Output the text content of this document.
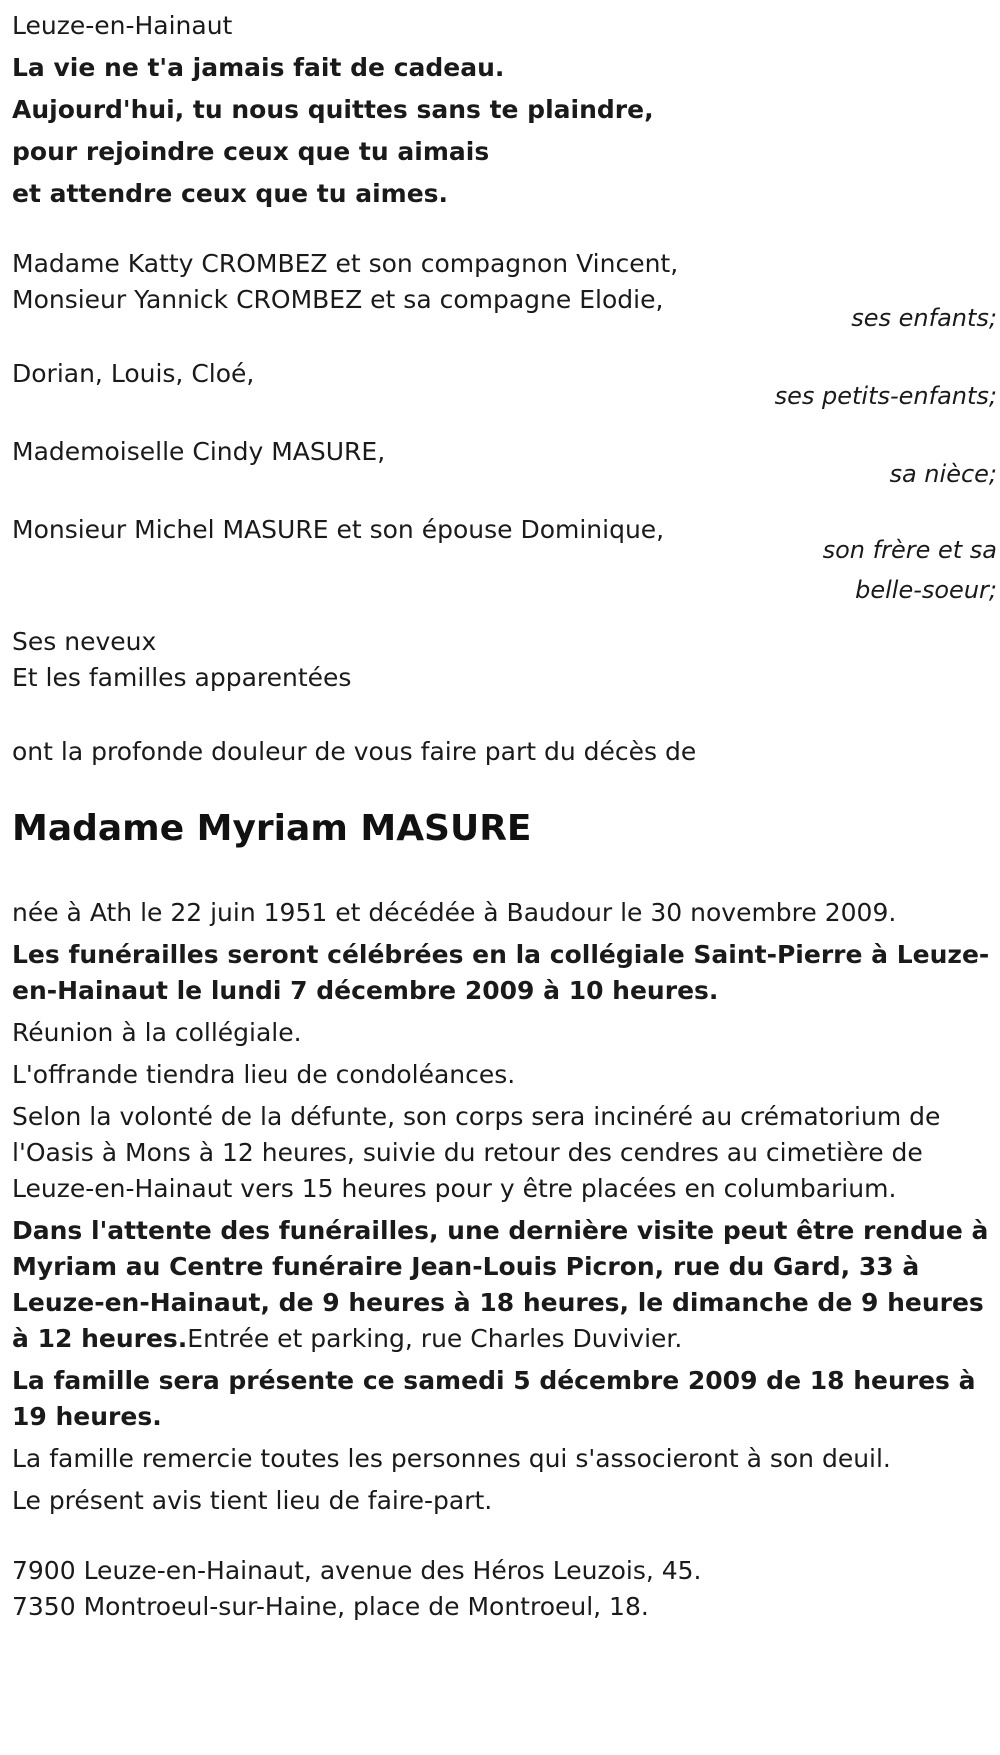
Leuze-en-Hainaut

La vie ne t'a jamais fait de cadeau.

Aujourd'hui, tu nous quittes sans te plaindre,

pour rejoindre ceux que tu aimais

et attendre ceux que tu aimes.

Madame Katty CROMBEZ et son compagnon Vincent,

Monsieur Yannick CROMBEZ et sa compagne Elodie,

ses enfants;

Dorian, Louis, Cloé,

ses petits-enfants;

Mademoiselle Cindy MASURE,

sa nièce;

Monsieur Michel MASURE et son épouse Dominique,

son frère et sa
belle-soeur;

Ses neveux

Et les familles apparentées

ont la profonde douleur de vous faire part du décès de

Madame Myriam MASURE

née à Ath le 22 juin 1951 et décédée à Baudour le 30 novembre 2009.

Les funérailles seront célébrées en la collégiale Saint-Pierre à Leuze-en-Hainaut le lundi 7 décembre 2009 à 10 heures.

Réunion à la collégiale.

L'offrande tiendra lieu de condoléances.

Selon la volonté de la défunte, son corps sera incinéré au crématorium de l'Oasis à Mons à 12 heures, suivie du retour des cendres au cimetière de Leuze-en-Hainaut vers 15 heures pour y être placées en columbarium.

Dans l'attente des funérailles, une dernière visite peut être rendue à Myriam au Centre funéraire Jean-Louis Picron, rue du Gard, 33 à Leuze-en-Hainaut, de 9 heures à 18 heures, le dimanche de 9 heures à 12 heures.Entrée et parking, rue Charles Duvivier.

La famille sera présente ce samedi 5 décembre 2009 de 18 heures à 19 heures.

La famille remercie toutes les personnes qui s'associeront à son deuil.

Le présent avis tient lieu de faire-part.

7900 Leuze-en-Hainaut, avenue des Héros Leuzois, 45.

7350 Montroeul-sur-Haine, place de Montroeul, 18.
